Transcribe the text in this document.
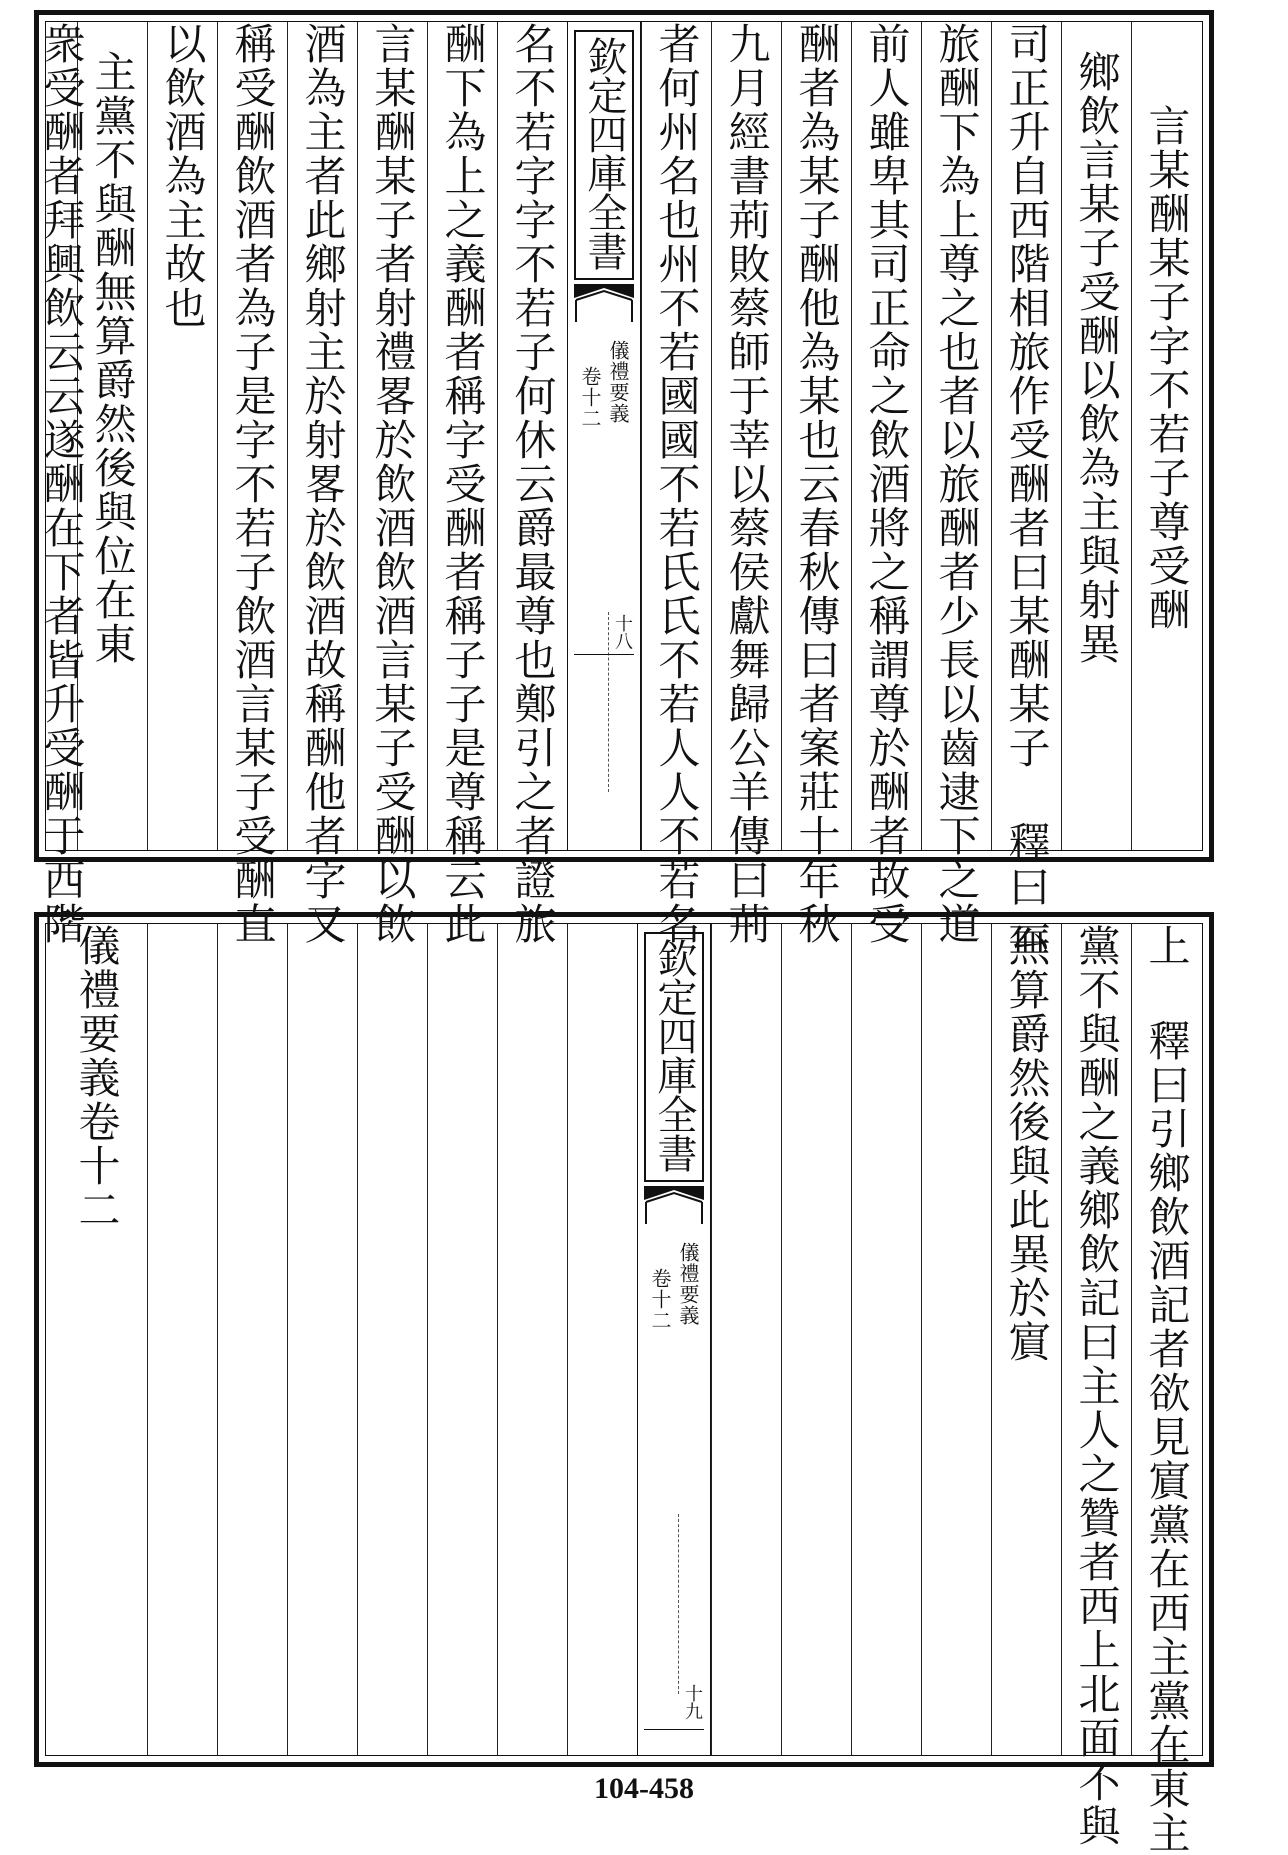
言某酬某子字不若子尊受酬
鄉飲言某子受酬以飲為主與射異
司正升自西階相旅作受酬者曰某酬某子 釋曰云
旅酬下為上尊之也者以旅酬者少長以齒逮下之道
前人雖卑其司正命之飲酒將之稱謂尊於酬者故受
酬者為某子酬他為某也云春秋傳曰者案莊十年秋
九月經書荊敗蔡師于莘以蔡侯獻舞歸公羊傳曰荊
者何州名也州不若國國不若氏氏不若人人不若名
欽定四庫全書
儀禮要義
卷十二
十八
名不若字字不若子何休云爵最尊也鄭引之者證旅
酬下為上之義酬者稱字受酬者稱子子是尊稱云此
言某酬某子者射禮畧於飲酒飲酒言某子受酬以飲
酒為主者此鄉射主於射畧於飲酒故稱酬他者字又
稱受酬飲酒者為子是字不若子飲酒言某子受酬直
以飲酒為主故也
主黨不與酬無算爵然後與位在東
衆受酬者拜興飲云云遂酬在下者皆升受酬于西階
上 釋曰引鄉飲酒記者欲見賔黨在西主黨在東主
黨不與酬之義鄉飲記曰主人之贊者西上北面不與
無算爵然後與此異於賔
欽定四庫全書
儀禮要義
卷十二
十九
儀禮要義卷十二
104-458
